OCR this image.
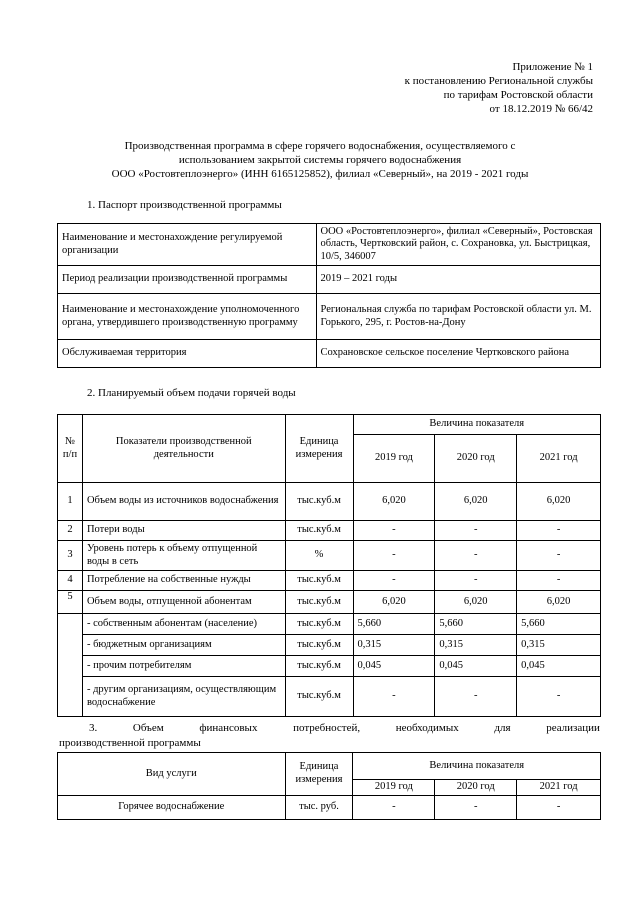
Приложение № 1
к постановлению Региональной службы
по тарифам Ростовской области
от 18.12.2019 № 66/42
Производственная программа в сфере горячего водоснабжения, осуществляемого с
использованием закрытой системы горячего водоснабжения
ООО «Ростовтеплоэнерго» (ИНН 6165125852), филиал «Северный», на 2019 - 2021 годы
1. Паспорт производственной программы
Наименование и местонахождение регулируемой организации	ООО «Ростовтеплоэнерго», филиал «Северный», Ростовская область, Чертковский район, с. Сохрановка, ул. Быстрицкая, 10/5, 346007
Период реализации производственной программы	2019 – 2021 годы
Наименование и местонахождение уполномоченного органа, утвердившего производственную программу	Региональная служба по тарифам Ростовской области ул. М. Горького, 295, г. Ростов-на-Дону
Обслуживаемая территория	Сохрановское сельское поселение Чертковского района
2. Планируемый объем подачи горячей воды
№ п/п	Показатели производственной деятельности	Единица измерения	Величина показателя		
			2019 год	2020 год	2021 год
1	Объем воды из источников водоснабжения	тыс.куб.м	6,020	6,020	6,020
2	Потери воды	тыс.куб.м	-	-	-
3	Уровень потерь к объему отпущенной воды в сеть	%	-	-	-
4	Потребление на собственные нужды	тыс.куб.м	-	-	-
5	Объем воды, отпущенной абонентам	тыс.куб.м	6,020	6,020	6,020
	- собственным абонентам (население)	тыс.куб.м	5,660	5,660	5,660
	- бюджетным организациям	тыс.куб.м	0,315	0,315	0,315
	- прочим потребителям	тыс.куб.м	0,045	0,045	0,045
	- другим организациям, осуществляющим водоснабжение	тыс.куб.м	-	-	-
3.	Объем	финансовых	потребностей,	необходимых	для	реализации
производственной программы
Вид услуги	Единица измерения	Величина показателя		
		2019 год	2020 год	2021 год
Горячее водоснабжение	тыс. руб.	-	-	-
